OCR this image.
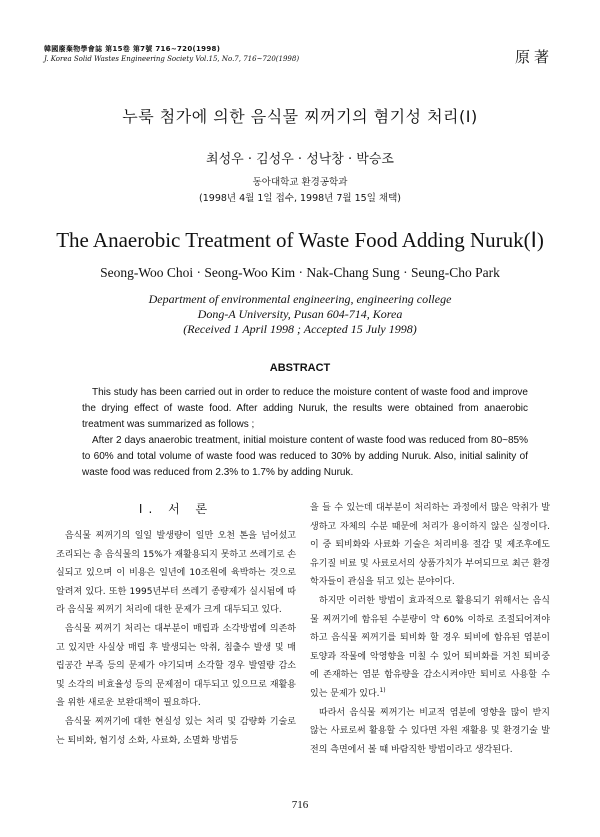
韓國廢棄物學會誌 第15卷 第7號 716~720(1998)
J. Korea Solid Wastes Engineering Society Vol.15, No.7, 716~720(1998)	原著
누룩 첨가에 의한 음식물 찌꺼기의 혐기성 처리(Ⅰ)
최성우 · 김성우 · 성낙창 · 박승조
동아대학교 환경공학과
(1998년 4월 1일 접수, 1998년 7월 15일 채택)
The Anaerobic Treatment of Waste Food Adding Nuruk(Ⅰ)
Seong-Woo Choi · Seong-Woo Kim · Nak-Chang Sung · Seung-Cho Park
Department of environmental engineering, engineering college
Dong-A University, Pusan 604-714, Korea
(Received 1 April 1998 ; Accepted 15 July 1998)
ABSTRACT

This study has been carried out in order to reduce the moisture content of waste food and improve the drying effect of waste food. After adding Nuruk, the results were obtained from anaerobic treatment was summarized as follows ;

After 2 days anaerobic treatment, initial moisture content of waste food was reduced from 80~85% to 60% and total volume of waste food was reduced to 30% by adding Nuruk. Also, initial salinity of waste food was reduced from 2.3% to 1.7% by adding Nuruk.

Ⅰ. 서 론

음식물 찌꺼기의 일일 발생량이 일만 오천 톤을 넘어섰고 조리되는 총 음식물의 15%가 재활용되지 못하고 쓰레기로 손실되고 있으며 이 비용은 일년에 10조원에 육박하는 것으로 알려져 있다. 또한 1995년부터 쓰레기 종량제가 실시됨에 따라 음식물 찌꺼기 처리에 대한 문제가 크게 대두되고 있다.

음식물 찌꺼기 처리는 대부분이 매립과 소각방법에 의존하고 있지만 사실상 매립 후 발생되는 악취, 침출수 발생 및 매립공간 부족 등의 문제가 야기되며 소각할 경우 발열량 감소 및 소각의 비효율성 등의 문제점이 대두되고 있으므로 재활용을 위한 새로운 보완대책이 필요하다.

음식물 찌꺼기에 대한 현실성 있는 처리 및 감량화 기술로는 퇴비화, 혐기성 소화, 사료화, 소멸화 방법등

을 들 수 있는데 대부분이 처리하는 과정에서 많은 악취가 발생하고 자체의 수분 때문에 처리가 용이하지 않은 실정이다. 이 중 퇴비화와 사료화 기술은 처리비용 절감 및 제조후에도 유기질 비료 및 사료로서의 상품가치가 부여되므로 최근 환경학자들이 관심을 뒤고 있는 분야이다.

하지만 이러한 방법이 효과적으로 활용되기 위해서는 음식물 찌꺼기에 함유된 수분량이 약 60% 이하로 조절되어져야 하고 음식물 찌꺼기를 퇴비화 할 경우 퇴비에 함유된 염분이 토양과 작물에 악영향을 미칠 수 있어 퇴비화를 거친 퇴비중에 존재하는 염분 함유량을 감소시켜야만 퇴비로 사용할 수 있는 문제가 있다.$^{1)}$

따라서 음식물 찌꺼기는 비교적 염분에 영향을 많이 받지 않는 사료로써 활용할 수 있다면 자원 재활용 및 환경기술 발전의 측면에서 볼 때 바람직한 방법이라고 생각된다.

716
